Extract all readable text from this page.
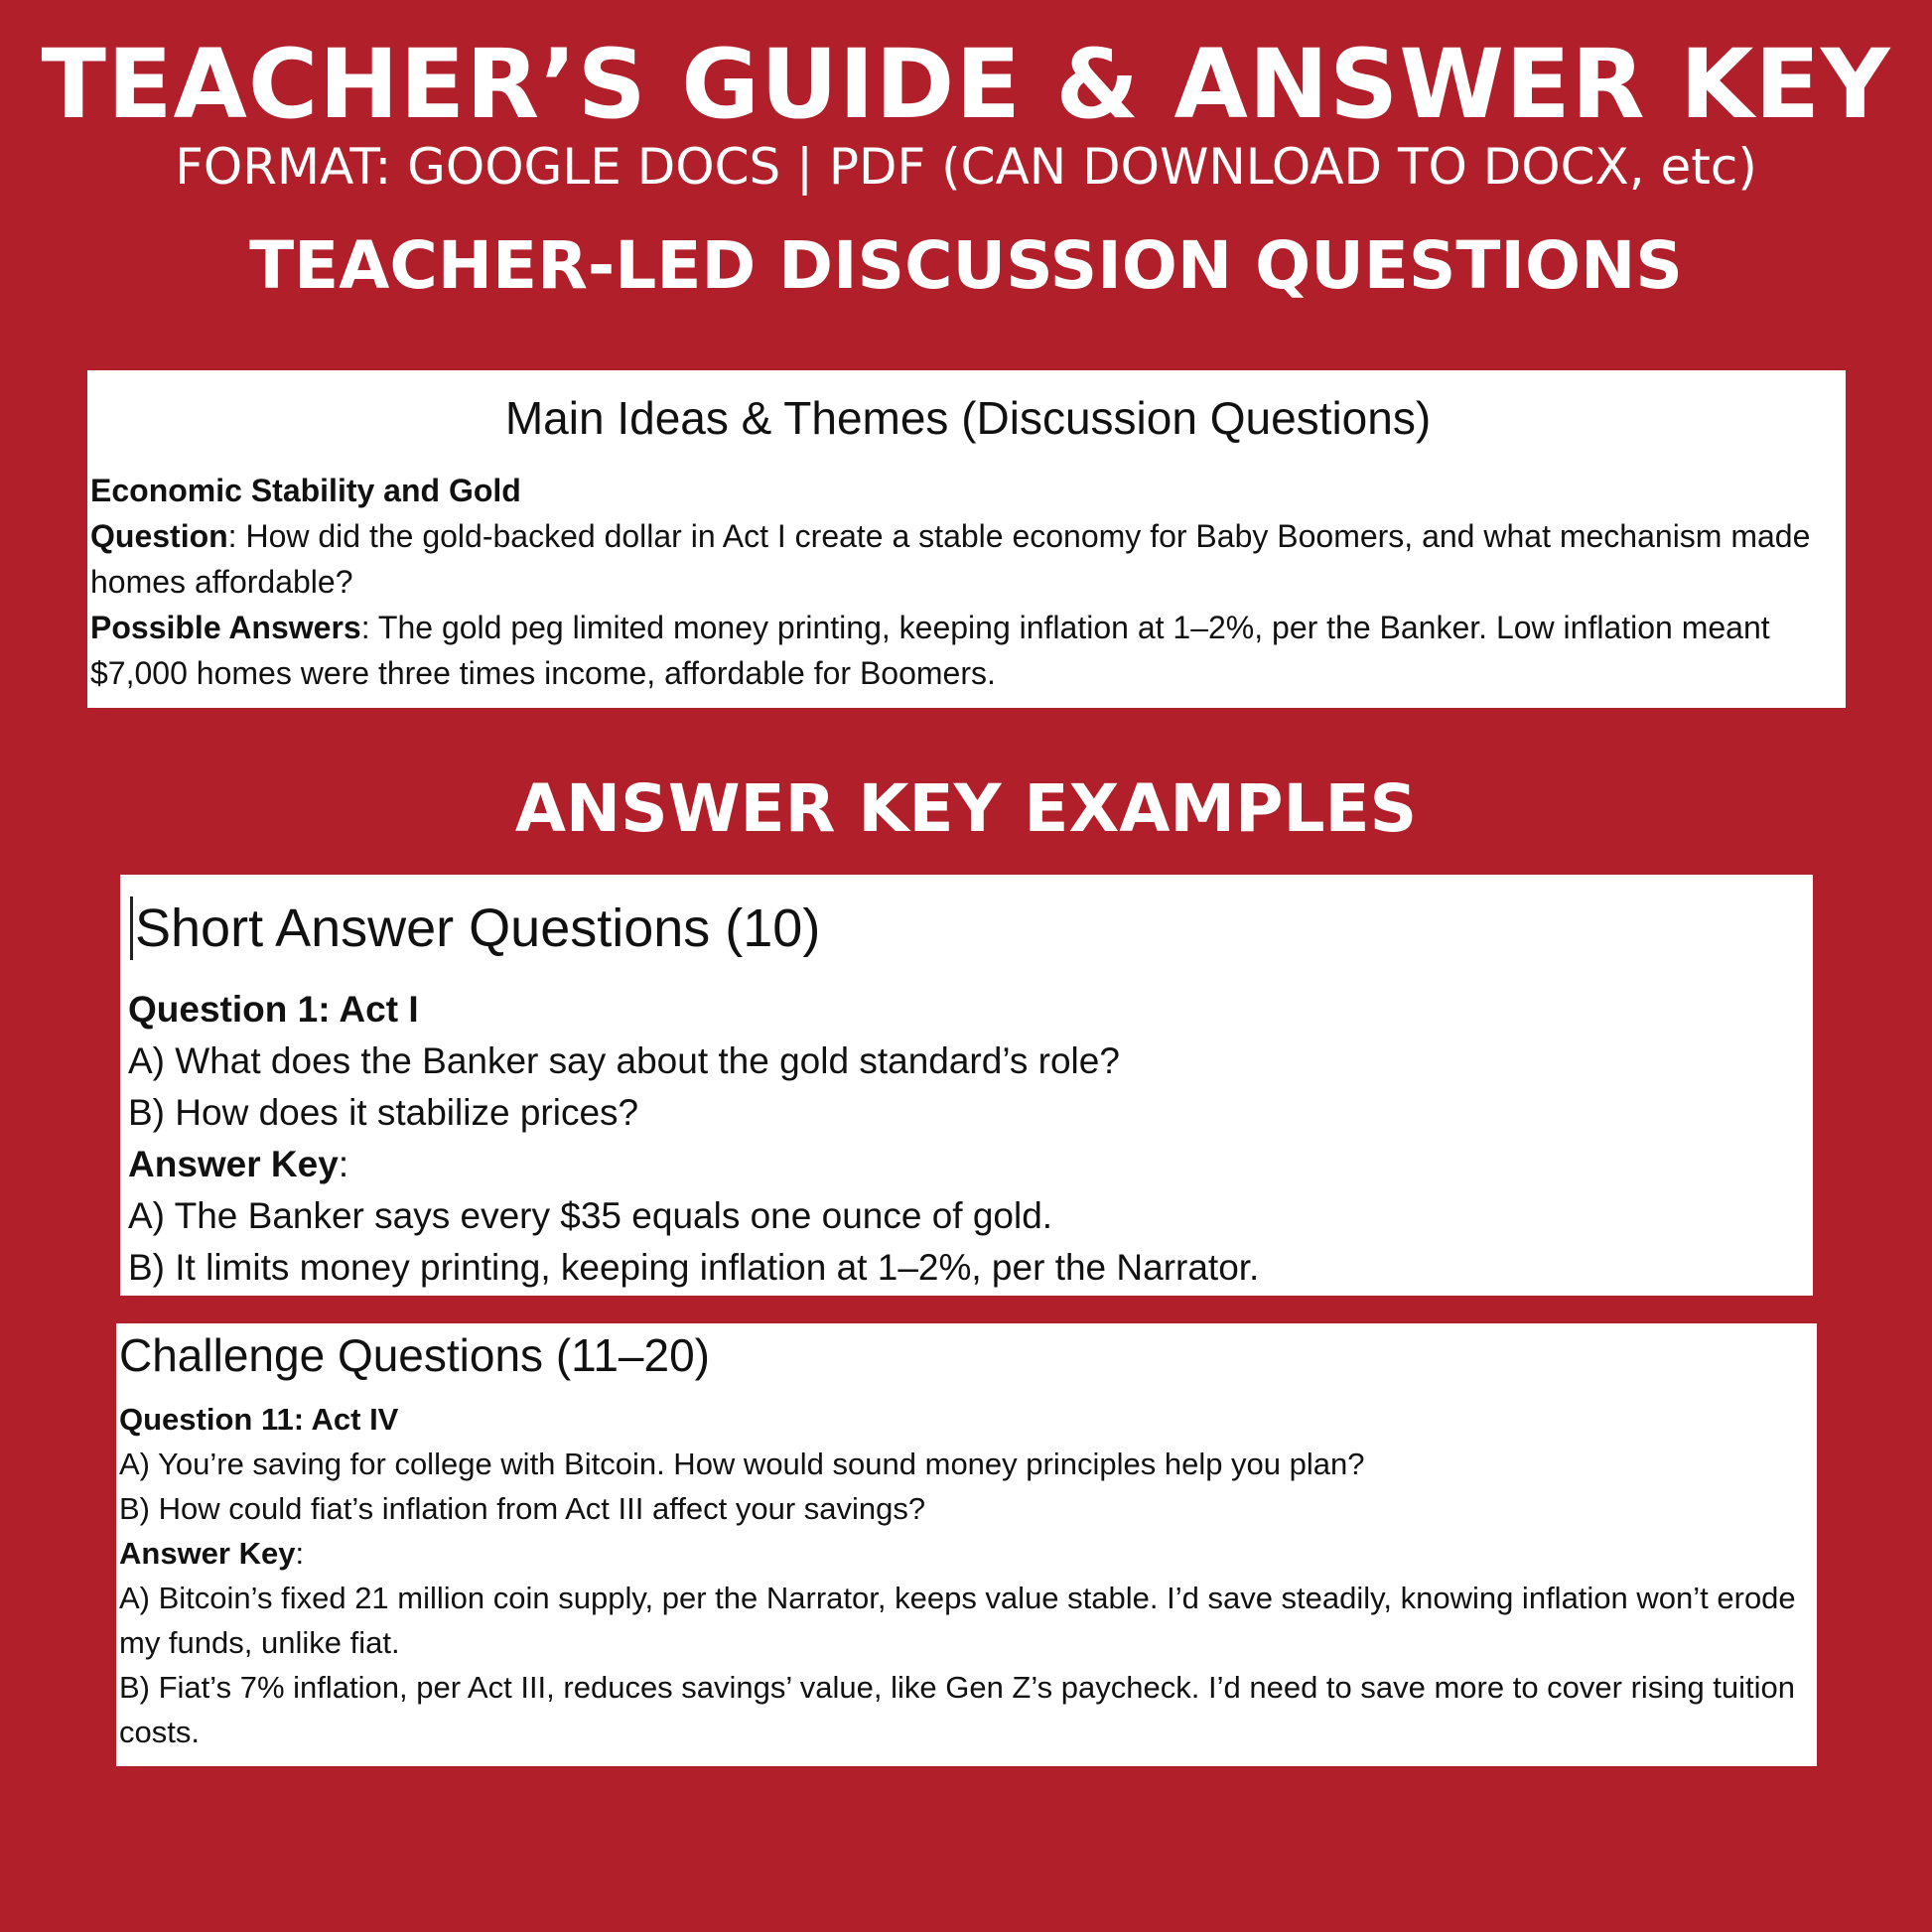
TEACHER’S GUIDE & ANSWER KEY
FORMAT: GOOGLE DOCS | PDF (CAN DOWNLOAD TO DOCX, etc)
TEACHER-LED DISCUSSION QUESTIONS

Main Ideas & Themes (Discussion Questions)

Economic Stability and Gold

Question: How did the gold-backed dollar in Act I create a stable economy for Baby Boomers, and what mechanism made homes affordable?

Possible Answers: The gold peg limited money printing, keeping inflation at 1–2%, per the Banker. Low inflation meant $7,000 homes were three times income, affordable for Boomers.

ANSWER KEY EXAMPLES

Short Answer Questions (10)

Question 1: Act I

A) What does the Banker say about the gold standard’s role?

B) How does it stabilize prices?

Answer Key:

A) The Banker says every $35 equals one ounce of gold.

B) It limits money printing, keeping inflation at 1–2%, per the Narrator.

Challenge Questions (11–20)

Question 11: Act IV

A) You’re saving for college with Bitcoin. How would sound money principles help you plan?

B) How could fiat’s inflation from Act III affect your savings?

Answer Key:

A) Bitcoin’s fixed 21 million coin supply, per the Narrator, keeps value stable. I’d save steadily, knowing inflation won’t erode my funds, unlike fiat.

B) Fiat’s 7% inflation, per Act III, reduces savings’ value, like Gen Z’s paycheck. I’d need to save more to cover rising tuition costs.
